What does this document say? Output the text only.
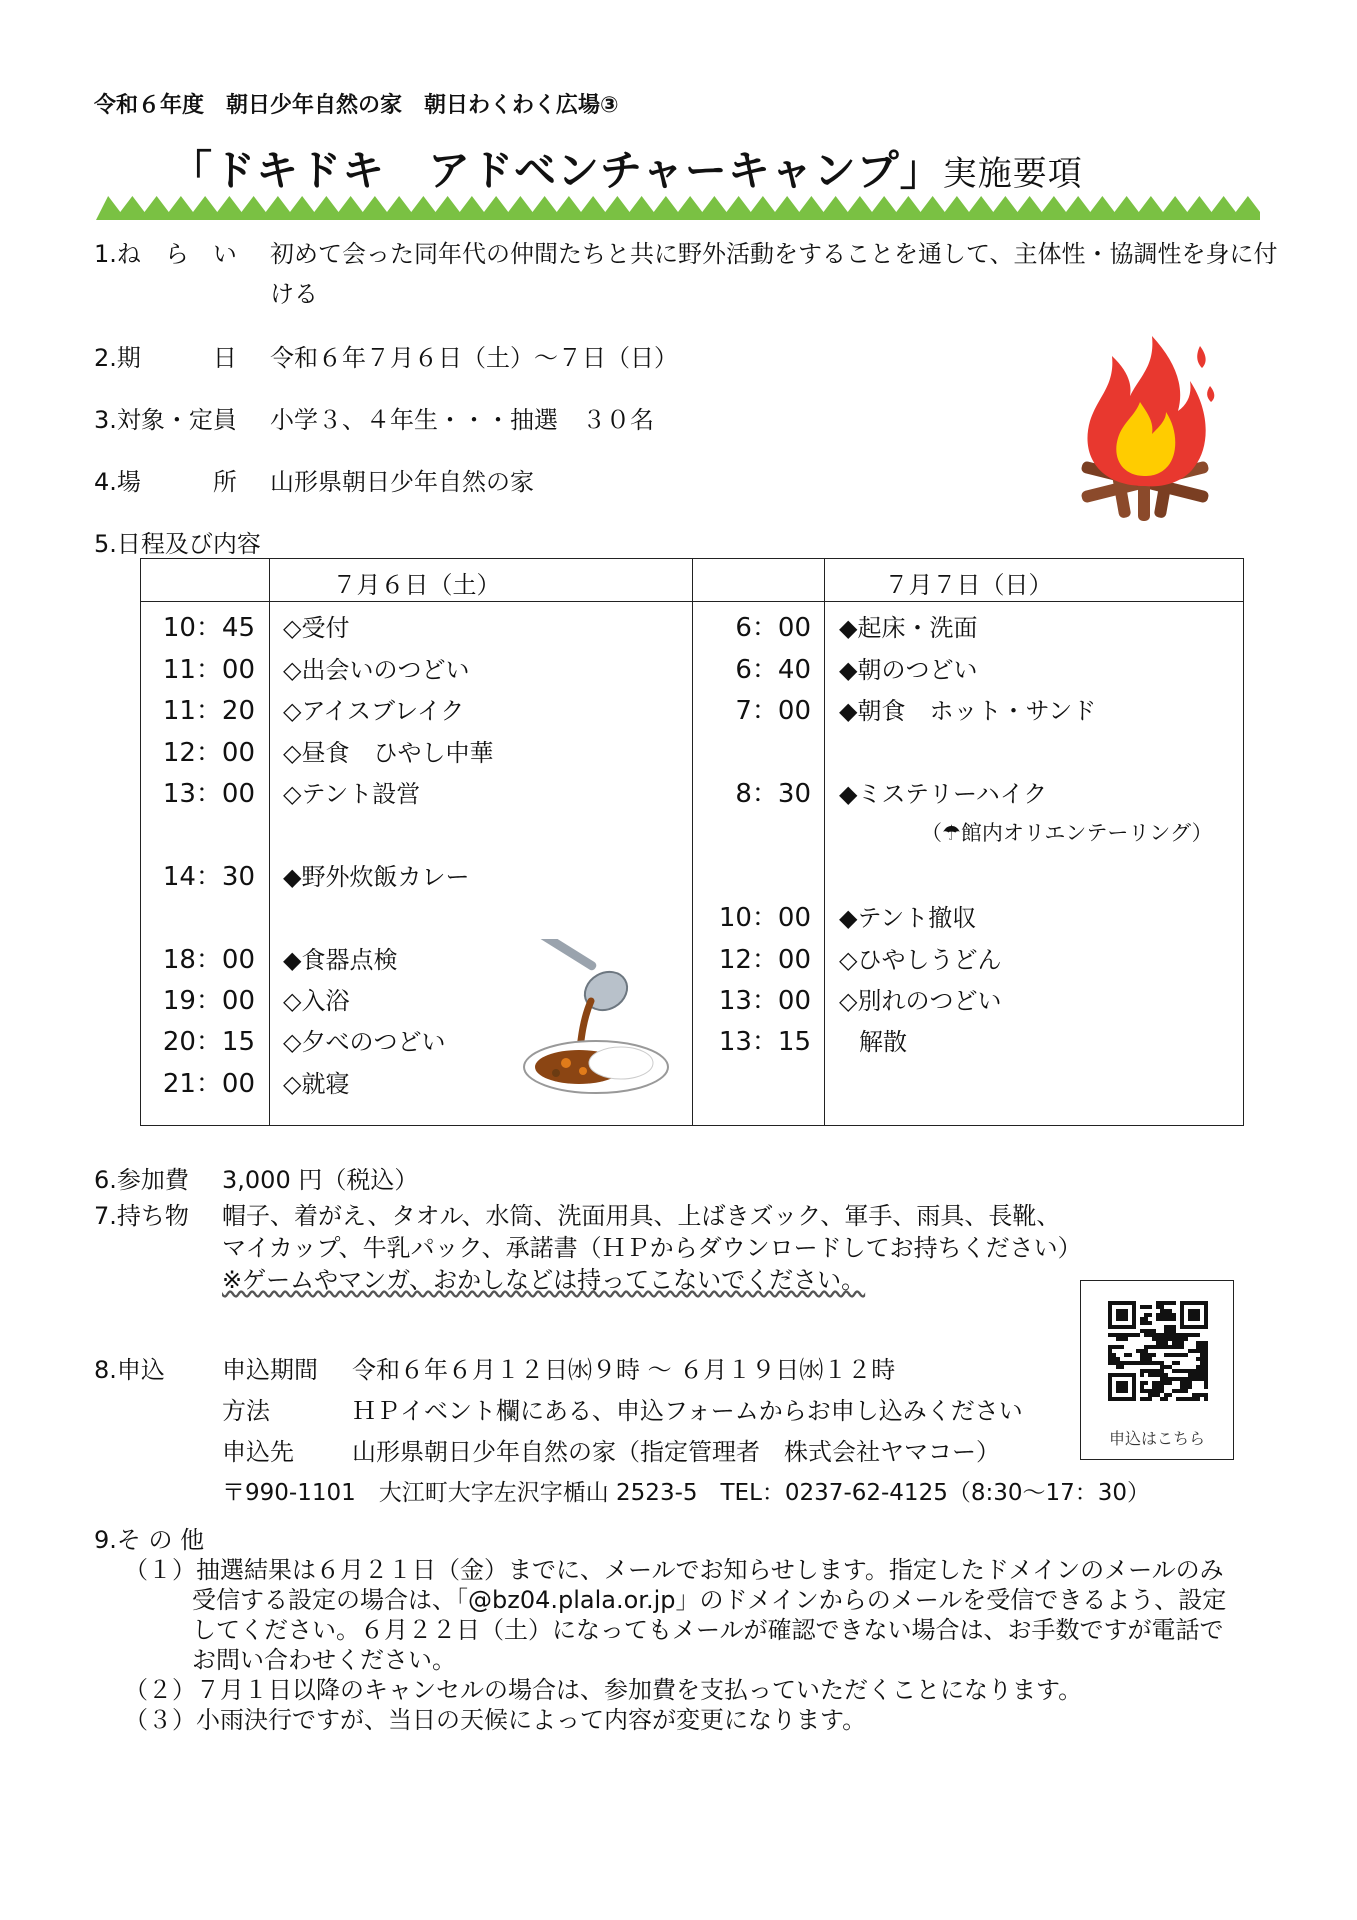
令和６年度　朝日少年自然の家　朝日わくわく広場③
「ドキドキ　アドベンチャーキャンプ」実施要項
1.ね　ら　い 初めて会った同年代の仲間たちと共に野外活動をすることを通して、主体性・協調性を身に付
ける
2.期　　　日 令和６年７月６日（土）～７日（日）
3.対象・定員 小学３、４年生・・・抽選　３０名
4.場　　　所 山形県朝日少年自然の家
5.日程及び内容
７月６日（土）	７月７日（日）
10：45 ◇受付
11：00 ◇出会いのつどい
11：20 ◇アイスブレイク
12：00 ◇昼食　ひやし中華
13：00 ◇テント設営
14：30 ◆野外炊飯カレー
18：00 ◆食器点検
19：00 ◇入浴
20：15 ◇夕べのつどい
21：00 ◇就寝
6：00 ◆起床・洗面
6：40 ◆朝のつどい
7：00 ◆朝食　ホット・サンド
8：30 ◆ミステリーハイク
（☂館内オリエンテーリング）
10：00 ◆テント撤収
12：00 ◇ひやしうどん
13：00 ◇別れのつどい
13：15 解散
6.参加費 3,000 円（税込）
7.持ち物 帽子、着がえ、タオル、水筒、洗面用具、上ばきズック、軍手、雨具、長靴、
マイカップ、牛乳パック、承諾書（ＨＰからダウンロードしてお持ちください）
※ゲームやマンガ、おかしなどは持ってこないでください。
申込はこちら
8.申込 申込期間 令和６年６月１２日㈬９時 ～ ６月１９日㈬１２時
方法	ＨＰイベント欄にある、申込フォームからお申し込みください
申込先 山形県朝日少年自然の家（指定管理者　株式会社ヤマコー）
〒990-1101　大江町大字左沢字楯山 2523-5　TEL：0237-62-4125（8:30～17：30）
9.そ の 他
（１）抽選結果は６月２１日（金）までに、メールでお知らせします。指定したドメインのメールのみ
受信する設定の場合は、「@bz04.plala.or.jp」のドメインからのメールを受信できるよう、設定
してください。６月２２日（土）になってもメールが確認できない場合は、お手数ですが電話で
お問い合わせください。
（２）７月１日以降のキャンセルの場合は、参加費を支払っていただくことになります。
（３）小雨決行ですが、当日の天候によって内容が変更になります。
